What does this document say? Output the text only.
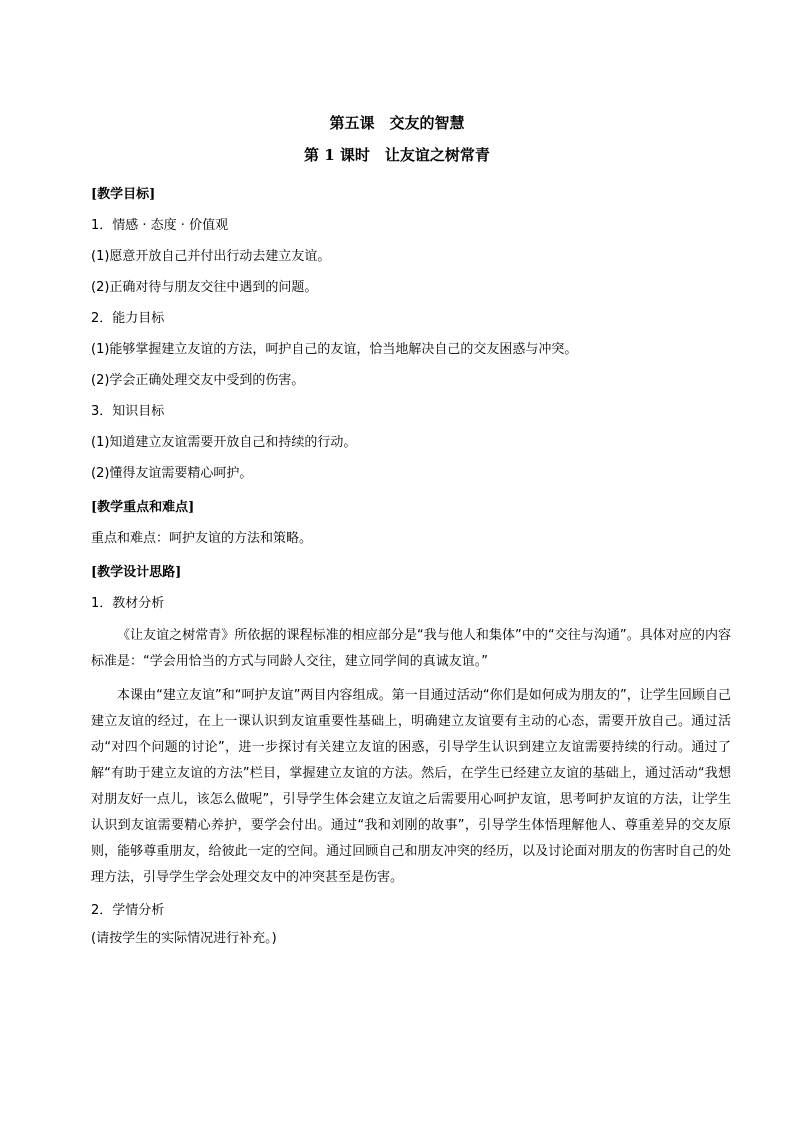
第五课　交友的智慧
第 1 课时　让友谊之树常青

[教学目标]

1．情感 · 态度 · 价值观

(1)愿意开放自己并付出行动去建立友谊。

(2)正确对待与朋友交往中遇到的问题。

2．能力目标

(1)能够掌握建立友谊的方法，呵护自己的友谊，恰当地解决自己的交友困惑与冲突。

(2)学会正确处理交友中受到的伤害。

3．知识目标

(1)知道建立友谊需要开放自己和持续的行动。

(2)懂得友谊需要精心呵护。

[教学重点和难点]

重点和难点：呵护友谊的方法和策略。

[教学设计思路]

1．教材分析

《让友谊之树常青》所依据的课程标准的相应部分是“我与他人和集体”中的“交往与沟通”。具体对应的内容标准是：“学会用恰当的方式与同龄人交往，建立同学间的真诚友谊。”

本课由“建立友谊”和“呵护友谊”两目内容组成。第一目通过活动“你们是如何成为朋友的”，让学生回顾自己建立友谊的经过，在上一课认识到友谊重要性基础上，明确建立友谊要有主动的心态，需要开放自己。通过活动“对四个问题的讨论”，进一步探讨有关建立友谊的困惑，引导学生认识到建立友谊需要持续的行动。通过了解“有助于建立友谊的方法”栏目，掌握建立友谊的方法。然后，在学生已经建立友谊的基础上，通过活动“我想对朋友好一点儿，该怎么做呢”，引导学生体会建立友谊之后需要用心呵护友谊，思考呵护友谊的方法，让学生认识到友谊需要精心养护，要学会付出。通过“我和刘刚的故事”，引导学生体悟理解他人、尊重差异的交友原则，能够尊重朋友，给彼此一定的空间。通过回顾自己和朋友冲突的经历，以及讨论面对朋友的伤害时自己的处理方法，引导学生学会处理交友中的冲突甚至是伤害。

2．学情分析

(请按学生的实际情况进行补充。)
